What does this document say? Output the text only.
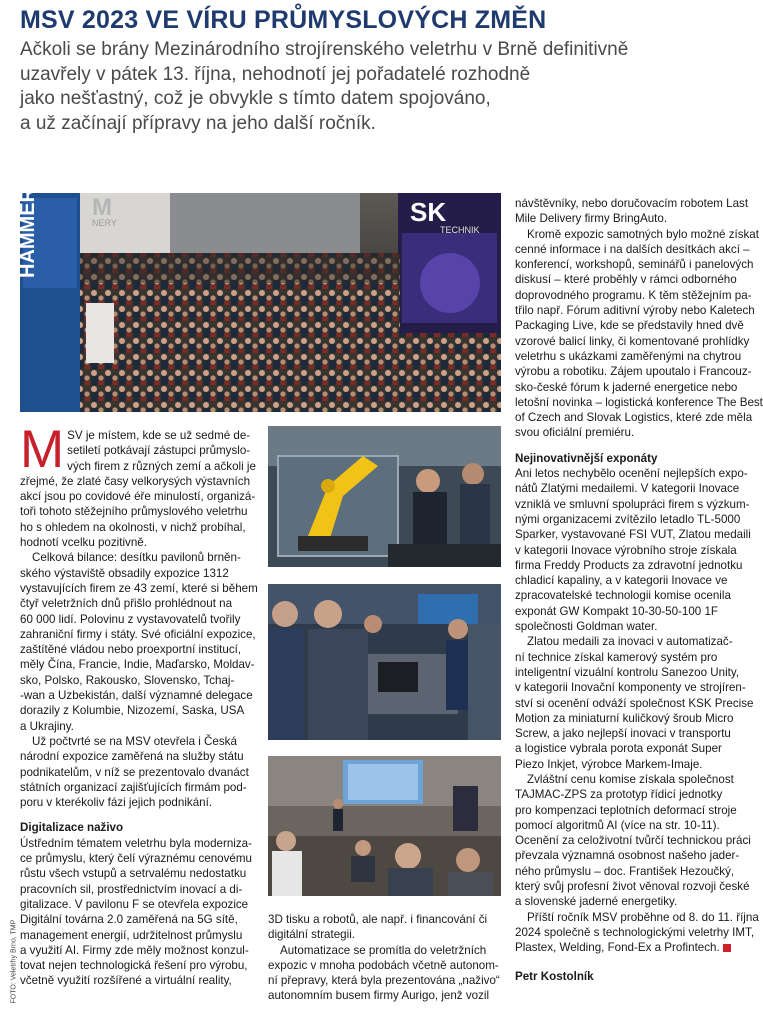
MSV 2023 VE VÍRU PRŮMYSLOVÝCH ZMĚN
Ačkoli se brány Mezinárodního strojírenského veletrhu v Brně definitivně
uzavřely v pátek 13. října, nehodnotí jej pořadatelé rozhodně
jako nešťastný, což je obvykle s tímto datem spojováno,
a už začínají přípravy na jeho další ročník.
HAMMER M
NERY	SK
TECHNIK
FOTO: Veletrhy Brno, TMP
M SV je místem, kde se už sedmé de-
setiletí potkávají zástupci průmyslo-
vých firem z různých zemí a ačkoli je
zřejmé, že zlaté časy velkorysých výstavních
akcí jsou po covidové éře minulostí, organizá-
toři tohoto stěžejního průmyslového veletrhu
ho s ohledem na okolnosti, v nichž probíhal,
hodnotí vcelku pozitivně.

Celková bilance: desítku pavilonů brněn-
ského výstaviště obsadily expozice 1312
vystavujících firem ze 43 zemí, které si během
čtyř veletržních dnů přišlo prohlédnout na
60 000 lidí. Polovinu z vystavovatelů tvořily
zahraniční firmy i státy. Své oficiální expozice,
zaštítěné vládou nebo proexportní institucí,
měly Čína, Francie, Indie, Maďarsko, Moldav-
sko, Polsko, Rakousko, Slovensko, Tchaj-
-wan a Uzbekistán, další významné delegace
dorazily z Kolumbie, Nizozemí, Saska, USA
a Ukrajiny.

Už počtvrté se na MSV otevřela i Česká
národní expozice zaměřená na služby státu
podnikatelům, v níž se prezentovalo dvanáct
státních organizací zajišťujících firmám pod-
poru v kterékoliv fázi jejich podnikání.

Digitalizace naživo

Ústředním tématem veletrhu byla moderniza-
ce průmyslu, který čelí výraznému cenovému
růstu všech vstupů a setrvalému nedostatku
pracovních sil, prostřednictvím inovací a di-
gitalizace. V pavilonu F se otevřela expozice
Digitální továrna 2.0 zaměřená na 5G sítě,
management energií, udržitelnost průmyslu
a využití AI. Firmy zde měly možnost konzul-
tovat nejen technologická řešení pro výrobu,
včetně využití rozšířené a virtuální reality,

3D tisku a robotů, ale např. i financování či
digitální strategii.

Automatizace se promítla do veletržních
expozic v mnoha podobách včetně autonom-
ní přepravy, která byla prezentována „naživo“
autonomním busem firmy Aurigo, jenž vozil

návštěvníky, nebo doručovacím robotem Last
Mile Delivery firmy BringAuto.

Kromě expozic samotných bylo možné získat
cenné informace i na dalších desítkách akcí –
konferencí, workshopů, seminářů i panelových
diskusí – které proběhly v rámci odborného
doprovodného programu. K těm stěžejním pa-
třilo např. Fórum aditivní výroby nebo Kaletech
Packaging Live, kde se představily hned dvě
vzorové balicí linky, či komentované prohlídky
veletrhu s ukázkami zaměřenými na chytrou
výrobu a robotiku. Zájem upoutalo i Francouz-
sko-české fórum k jaderné energetice nebo
letošní novinka – logistická konference The Best
of Czech and Slovak Logistics, které zde měla
svou oficiální premiéru.

Nejinovativnější exponáty

Ani letos nechybělo ocenění nejlepších expo-
nátů Zlatými medailemi. V kategorii Inovace
vzniklá ve smluvní spolupráci firem s výzkum-
nými organizacemi zvítězilo letadlo TL-5000
Sparker, vystavované FSI VUT, Zlatou medaili
v kategorii Inovace výrobního stroje získala
firma Freddy Products za zdravotní jednotku
chladicí kapaliny, a v kategorii Inovace ve
zpracovatelské technologii komise ocenila
exponát GW Kompakt 10-30-50-100 1F
společnosti Goldman water.

Zlatou medaili za inovaci v automatizač-
ní technice získal kamerový systém pro
inteligentní vizuální kontrolu Sanezoo Unity,
v kategorii Inovační komponenty ve strojíren-
ství si ocenění odváží společnost KSK Precise
Motion za miniaturní kuličkový šroub Micro
Screw, a jako nejlepší inovaci v transportu
a logistice vybrala porota exponát Super
Piezo Inkjet, výrobce Markem-Imaje.

Zvláštní cenu komise získala společnost
TAJMAC-ZPS za prototyp řídicí jednotky
pro kompenzaci teplotních deformací stroje
pomocí algoritmů AI (více na str. 10-11).
Ocenění za celoživotní tvůrčí technickou práci
převzala významná osobnost našeho jader-
ného průmyslu – doc. František Hezoučký,
který svůj profesní život věnoval rozvoji české
a slovenské jaderné energetiky.

Příští ročník MSV proběhne od 8. do 11. října
2024 společně s technologickými veletrhy IMT,
Plastex, Welding, Fond-Ex a Profintech.

Petr Kostolník
